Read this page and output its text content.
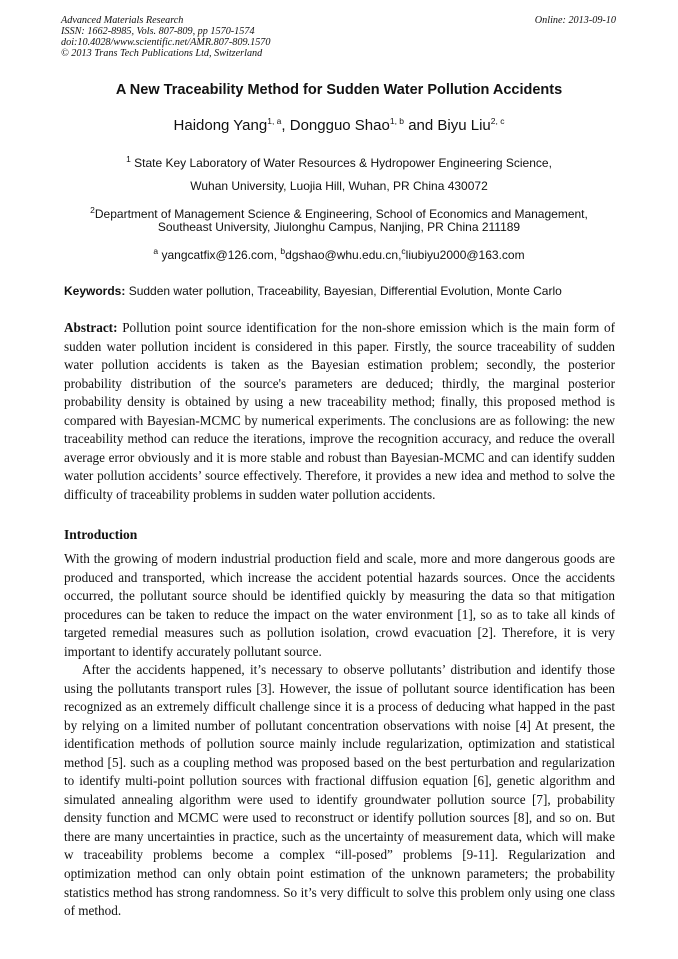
Advanced Materials Research
ISSN: 1662-8985, Vols. 807-809, pp 1570-1574
doi:10.4028/www.scientific.net/AMR.807-809.1570
© 2013 Trans Tech Publications Ltd, Switzerland
Online: 2013-09-10
A New Traceability Method for Sudden Water Pollution Accidents
Haidong Yang$^{1, a}$, Dongguo Shao$^{1, b}$ and Biyu Liu$^{2, c}$
$^1$ State Key Laboratory of Water Resources & Hydropower Engineering Science,
Wuhan University, Luojia Hill, Wuhan, PR China 430072
$^2$Department of Management Science & Engineering, School of Economics and Management,
Southeast University, Jiulonghu Campus, Nanjing, PR China 211189
$^a$ yangcatfix@126.com, $^b$dgshao@whu.edu.cn,$^c$liubiyu2000@163.com
Keywords: Sudden water pollution, Traceability, Bayesian, Differential Evolution, Monte Carlo
Abstract: Pollution point source identification for the non-shore emission which is the main form of sudden water pollution incident is considered in this paper. Firstly, the source traceability of sudden water pollution accidents is taken as the Bayesian estimation problem; secondly, the posterior probability distribution of the source's parameters are deduced; thirdly, the marginal posterior probability density is obtained by using a new traceability method; finally, this proposed method is compared with Bayesian-MCMC by numerical experiments. The conclusions are as following: the new traceability method can reduce the iterations, improve the recognition accuracy, and reduce the overall average error obviously and it is more stable and robust than Bayesian-MCMC and can identify sudden water pollution accidents’ source effectively. Therefore, it provides a new idea and method to solve the difficulty of traceability problems in sudden water pollution accidents.
Introduction

With the growing of modern industrial production field and scale, more and more dangerous goods are produced and transported, which increase the accident potential hazards sources. Once the accidents occurred, the pollutant source should be identified quickly by measuring the data so that mitigation procedures can be taken to reduce the impact on the water environment [1], so as to take all kinds of targeted remedial measures such as pollution isolation, crowd evacuation [2]. Therefore, it is very important to identify accurately pollutant source.

After the accidents happened, it’s necessary to observe pollutants’ distribution and identify those using the pollutants transport rules [3]. However, the issue of pollutant source identification has been recognized as an extremely difficult challenge since it is a process of deducing what happed in the past by relying on a limited number of pollutant concentration observations with noise [4] At present, the identification methods of pollution source mainly include regularization, optimization and statistical method [5]. such as a coupling method was proposed based on the best perturbation and regularization to identify multi-point pollution sources with fractional diffusion equation [6], genetic algorithm and simulated annealing algorithm were used to identify groundwater pollution source [7], probability density function and MCMC were used to reconstruct or identify pollution sources [8], and so on. But there are many uncertainties in practice, such as the uncertainty of measurement data, which will make w traceability problems become a complex “ill-posed” problems [9-11]. Regularization and optimization method can only obtain point estimation of the unknown parameters; the probability statistics method has strong randomness. So it’s very difficult to solve this problem only using one class of method.
